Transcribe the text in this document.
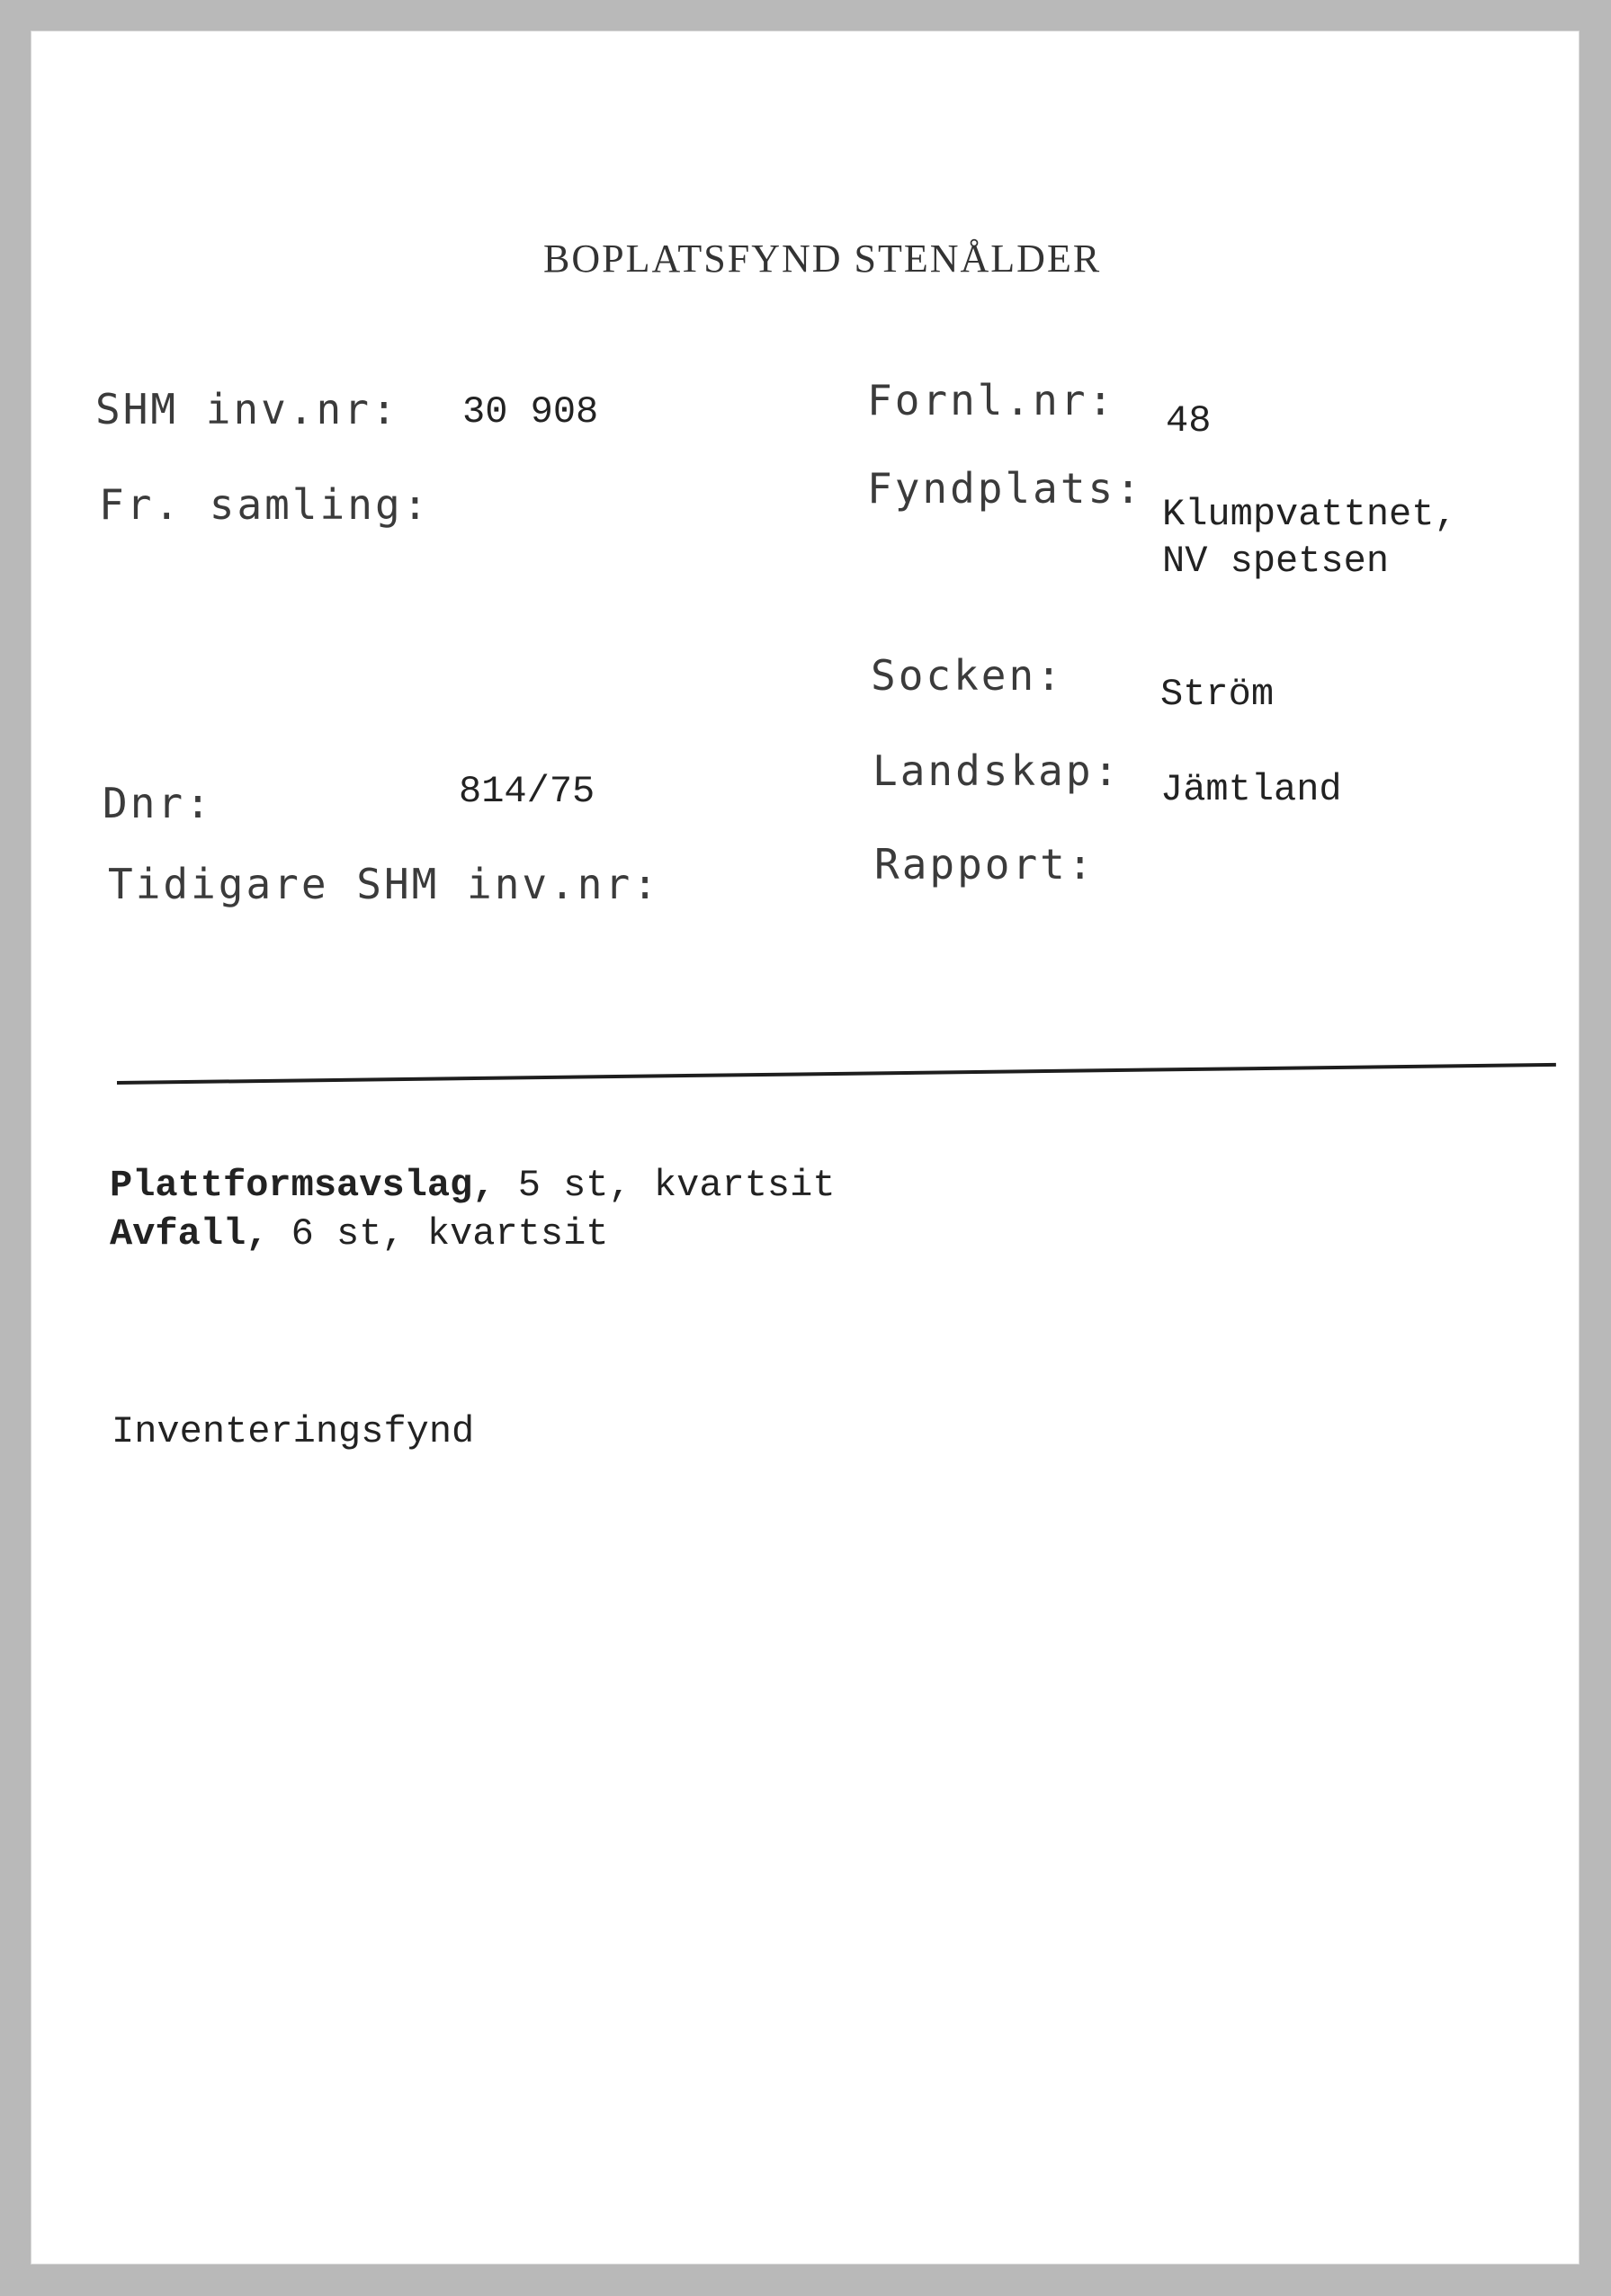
BOPLATSFYND STENÅLDER
SHM inv.nr: 30 908
Fr. samling:
Dnr:	814/75
Tidigare SHM inv.nr:
Fornl.nr: 48
Fyndplats:
Klumpvattnet,
NV spetsen
Socken:	Ström
Landskap: Jämtland
Rapport:
Plattformsavslag, 5 st, kvartsit
Avfall, 6 st, kvartsit
Inventeringsfynd
